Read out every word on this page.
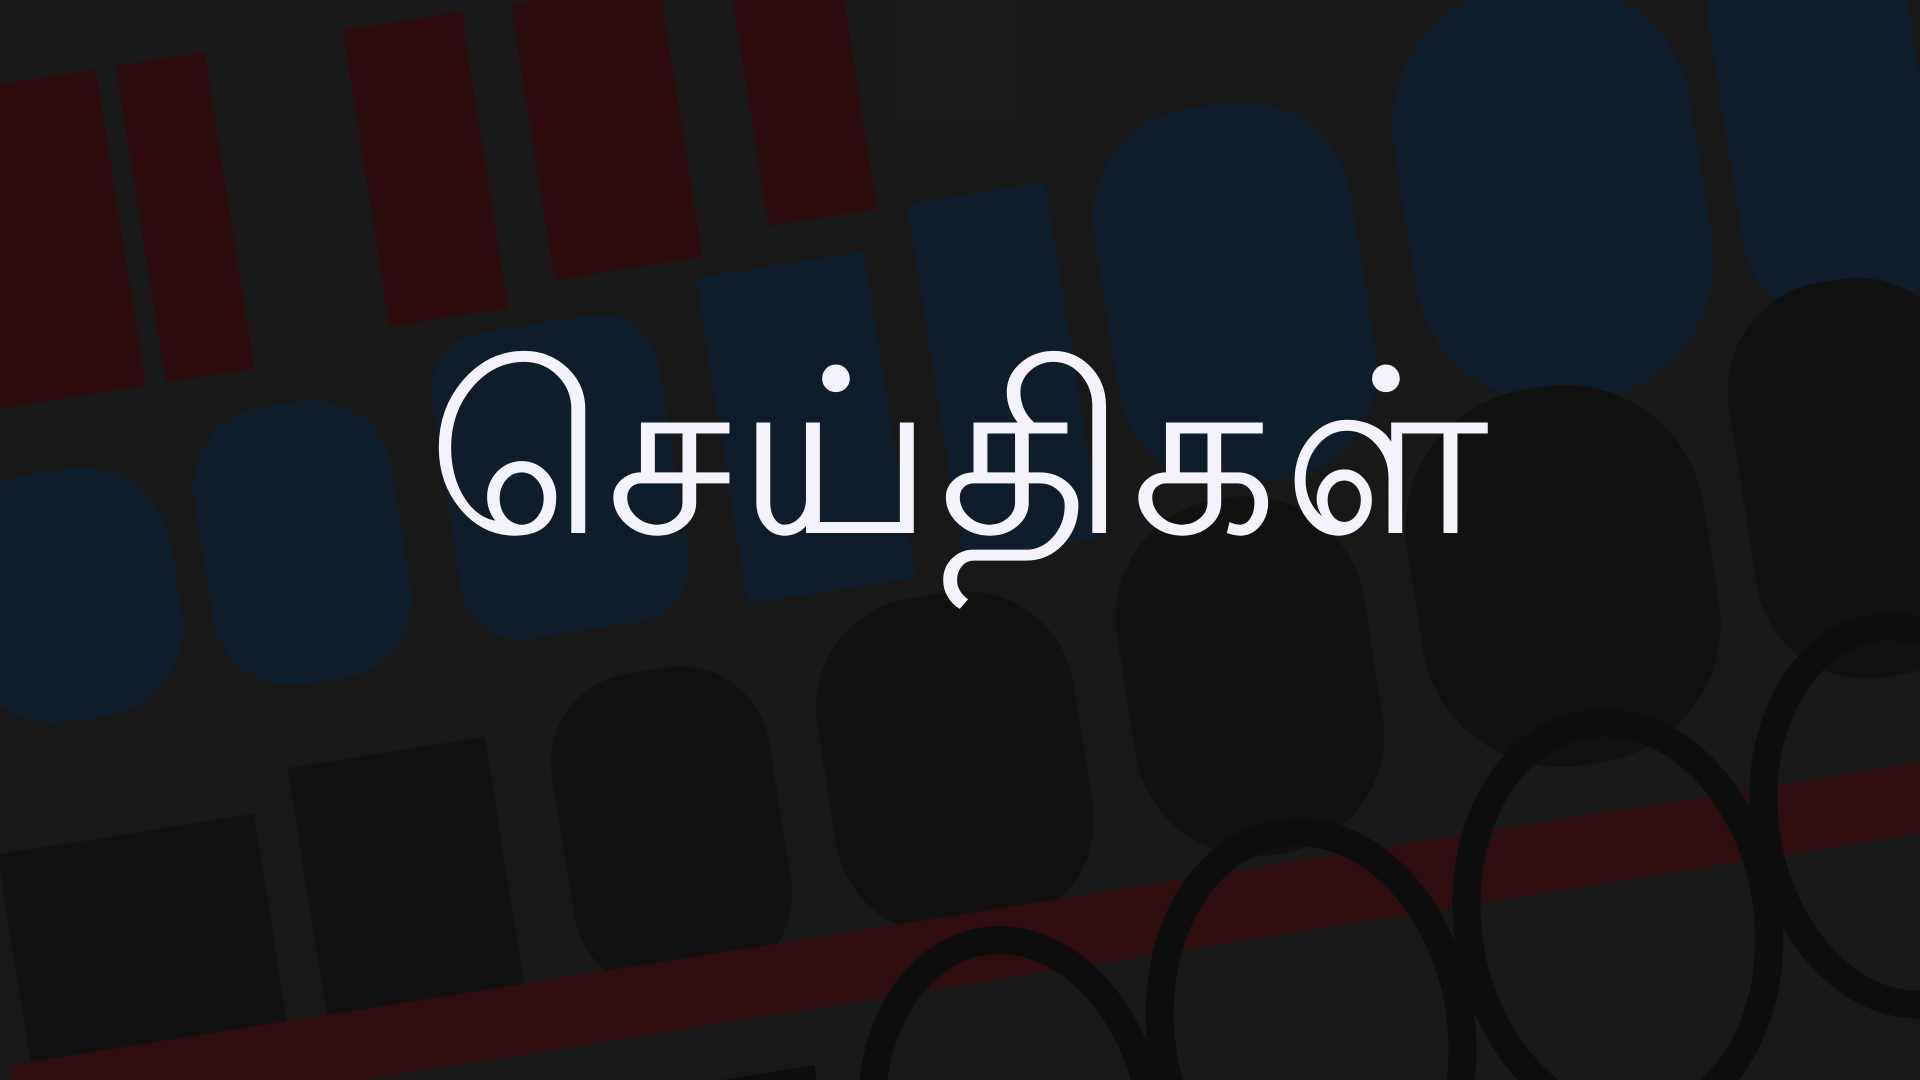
செய்திகள்
